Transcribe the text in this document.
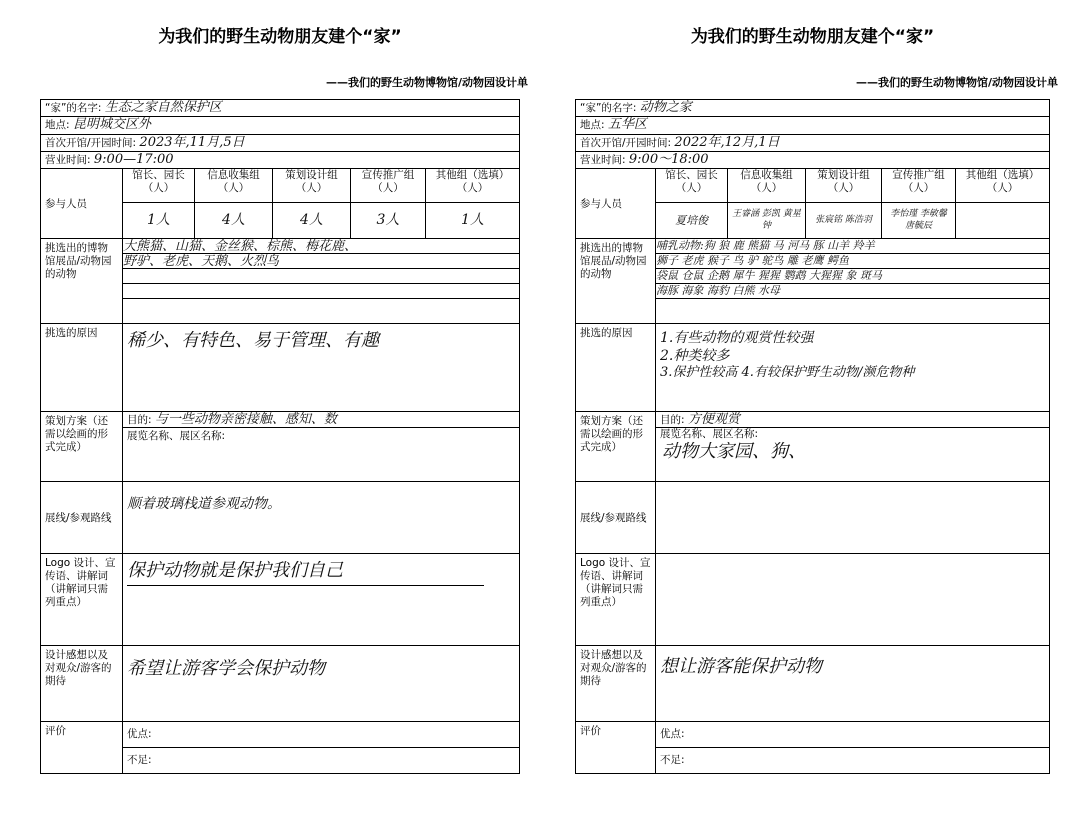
为我们的野生动物朋友建个“家”
——我们的野生动物博物馆/动物园设计单
“家”的名字: 生态之家自然保护区					
地点: 昆明城交区外					
首次开馆/开园时间: 2023年,11月,5日					
营业时间: 9:00—17:00					
参与人员	馆长、园长（人）	信息收集组（人）	策划设计组（人）	宣传推广组（人）	其他组（选填）（人）
	1人	4人	4人	3人	1人
挑选出的博物馆展品/动物园的动物	大熊猫、山猫、金丝猴、棕熊、梅花鹿、
野驴、老虎、天鹅、火烈鸟				

挑选的原因	稀少、有特色、易于管理、有趣				
策划方案（还需以绘画的形式完成）	目的: 与一些动物亲密接触、感知、数
展览名称、展区名称:				

展线/参观路线	顺着玻璃栈道参观动物。				
Logo 设计、宣传语、讲解词（讲解词只需列重点）	保护动物就是保护我们自己				

设计感想以及对观众/游客的期待	希望让游客学会保护动物				
评价	优点:				
	不足:				
为我们的野生动物朋友建个“家”
——我们的野生动物博物馆/动物园设计单
“家”的名字: 动物之家					
地点: 五华区					
首次开馆/开园时间: 2022年,12月,1日					
营业时间: 9:00～18:00					
参与人员	馆长、园长（人）	信息收集组（人）	策划设计组（人）	宣传推广组（人）	其他组（选填）（人）
	夏培俊	王睿涵 彭凯 黄星钟	张宸铭 陈浩羽	李怡瑾 李敏馨 唐毓辰	
挑选出的博物馆展品/动物园的动物	哺乳动物:狗 狼 鹿 熊猫 马 河马 豚 山羊 羚羊
狮子 老虎 猴子 鸟 驴 鸵鸟 雕 老鹰 鳄鱼
袋鼠 仓鼠 企鹅 犀牛 猩猩 鹦鹉 大猩猩 象 斑马
海豚 海象 海豹 白熊 水母				

挑选的原因	1.有些动物的观赏性较强
2.种类较多
3.保护性较高 4.有较保护野生动物/濒危物种				

策划方案（还需以绘画的形式完成）	目的: 方便观赏
展览名称、展区名称:
动物大家园、狗、				

展线/参观路线					
Logo 设计、宣传语、讲解词（讲解词只需列重点）					
设计感想以及对观众/游客的期待	想让游客能保护动物				
评价	优点:				
	不足:				
